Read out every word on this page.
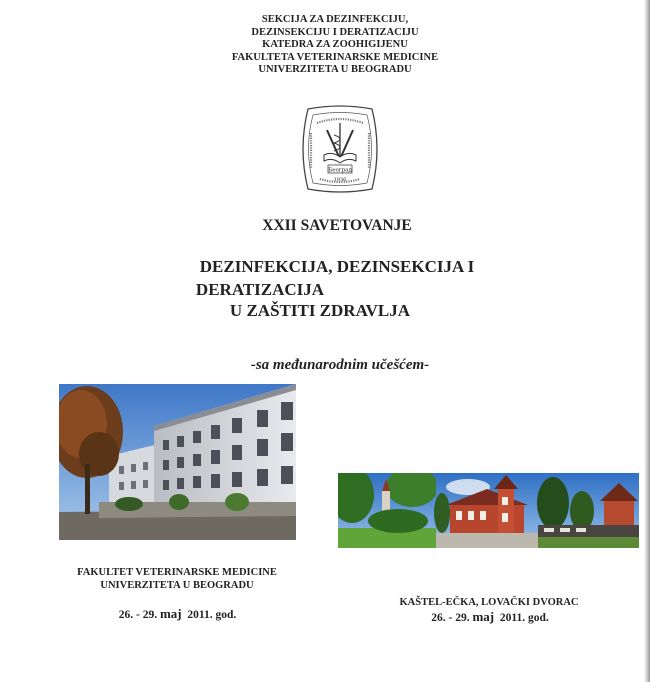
SEKCIJA ZA DEZINFEKCIJU,
DEZINSEKCIJU I DERATIZACIJU
KATEDRA ZA ZOOHIGIJENU
FAKULTETA VETERINARSKE MEDICINE
UNIVERZITETA U BEOGRADU
Београд
1936
XXII SAVETOVANJE
DEZINFEKCIJA, DEZINSEKCIJA I
DERATIZACIJA
U ZAŠTITI ZDRAVLJA
-sa međunarodnim učešćem-
FAKULTET VETERINARSKE MEDICINE
UNIVERZITETA U BEOGRADU
26. - 29. maj  2011. god.
KAŠTEL-EČKA, LOVAČKI DVORAC
26. - 29. maj  2011. god.
